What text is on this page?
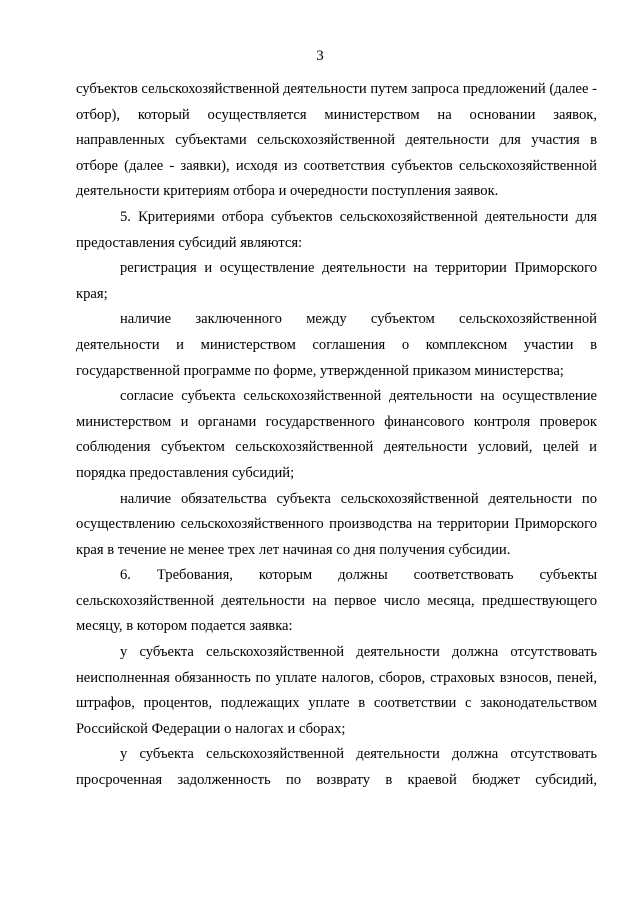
3

субъектов сельскохозяйственной деятельности путем запроса предложений (далее - отбор), который осуществляется министерством на основании заявок, направленных субъектами сельскохозяйственной деятельности для участия в отборе (далее - заявки), исходя из соответствия субъектов сельскохозяйственной деятельности критериям отбора и очередности поступления заявок.

5. Критериями отбора субъектов сельскохозяйственной деятельности для предоставления субсидий являются:

регистрация и осуществление деятельности на территории Приморского края;

наличие заключенного между субъектом сельскохозяйственной деятельности и министерством соглашения о комплексном участии в государственной программе по форме, утвержденной приказом министерства;

согласие субъекта сельскохозяйственной деятельности на осуществление министерством и органами государственного финансового контроля проверок соблюдения субъектом сельскохозяйственной деятельности условий, целей и порядка предоставления субсидий;

наличие обязательства субъекта сельскохозяйственной деятельности по осуществлению сельскохозяйственного производства на территории Приморского края в течение не менее трех лет начиная со дня получения субсидии.

6. Требования, которым должны соответствовать субъекты сельскохозяйственной деятельности на первое число месяца, предшествующего месяцу, в котором подается заявка:

у субъекта сельскохозяйственной деятельности должна отсутствовать неисполненная обязанность по уплате налогов, сборов, страховых взносов, пеней, штрафов, процентов, подлежащих уплате в соответствии с законодательством Российской Федерации о налогах и сборах;

у субъекта сельскохозяйственной деятельности должна отсутствовать просроченная задолженность по возврату в краевой бюджет субсидий,
